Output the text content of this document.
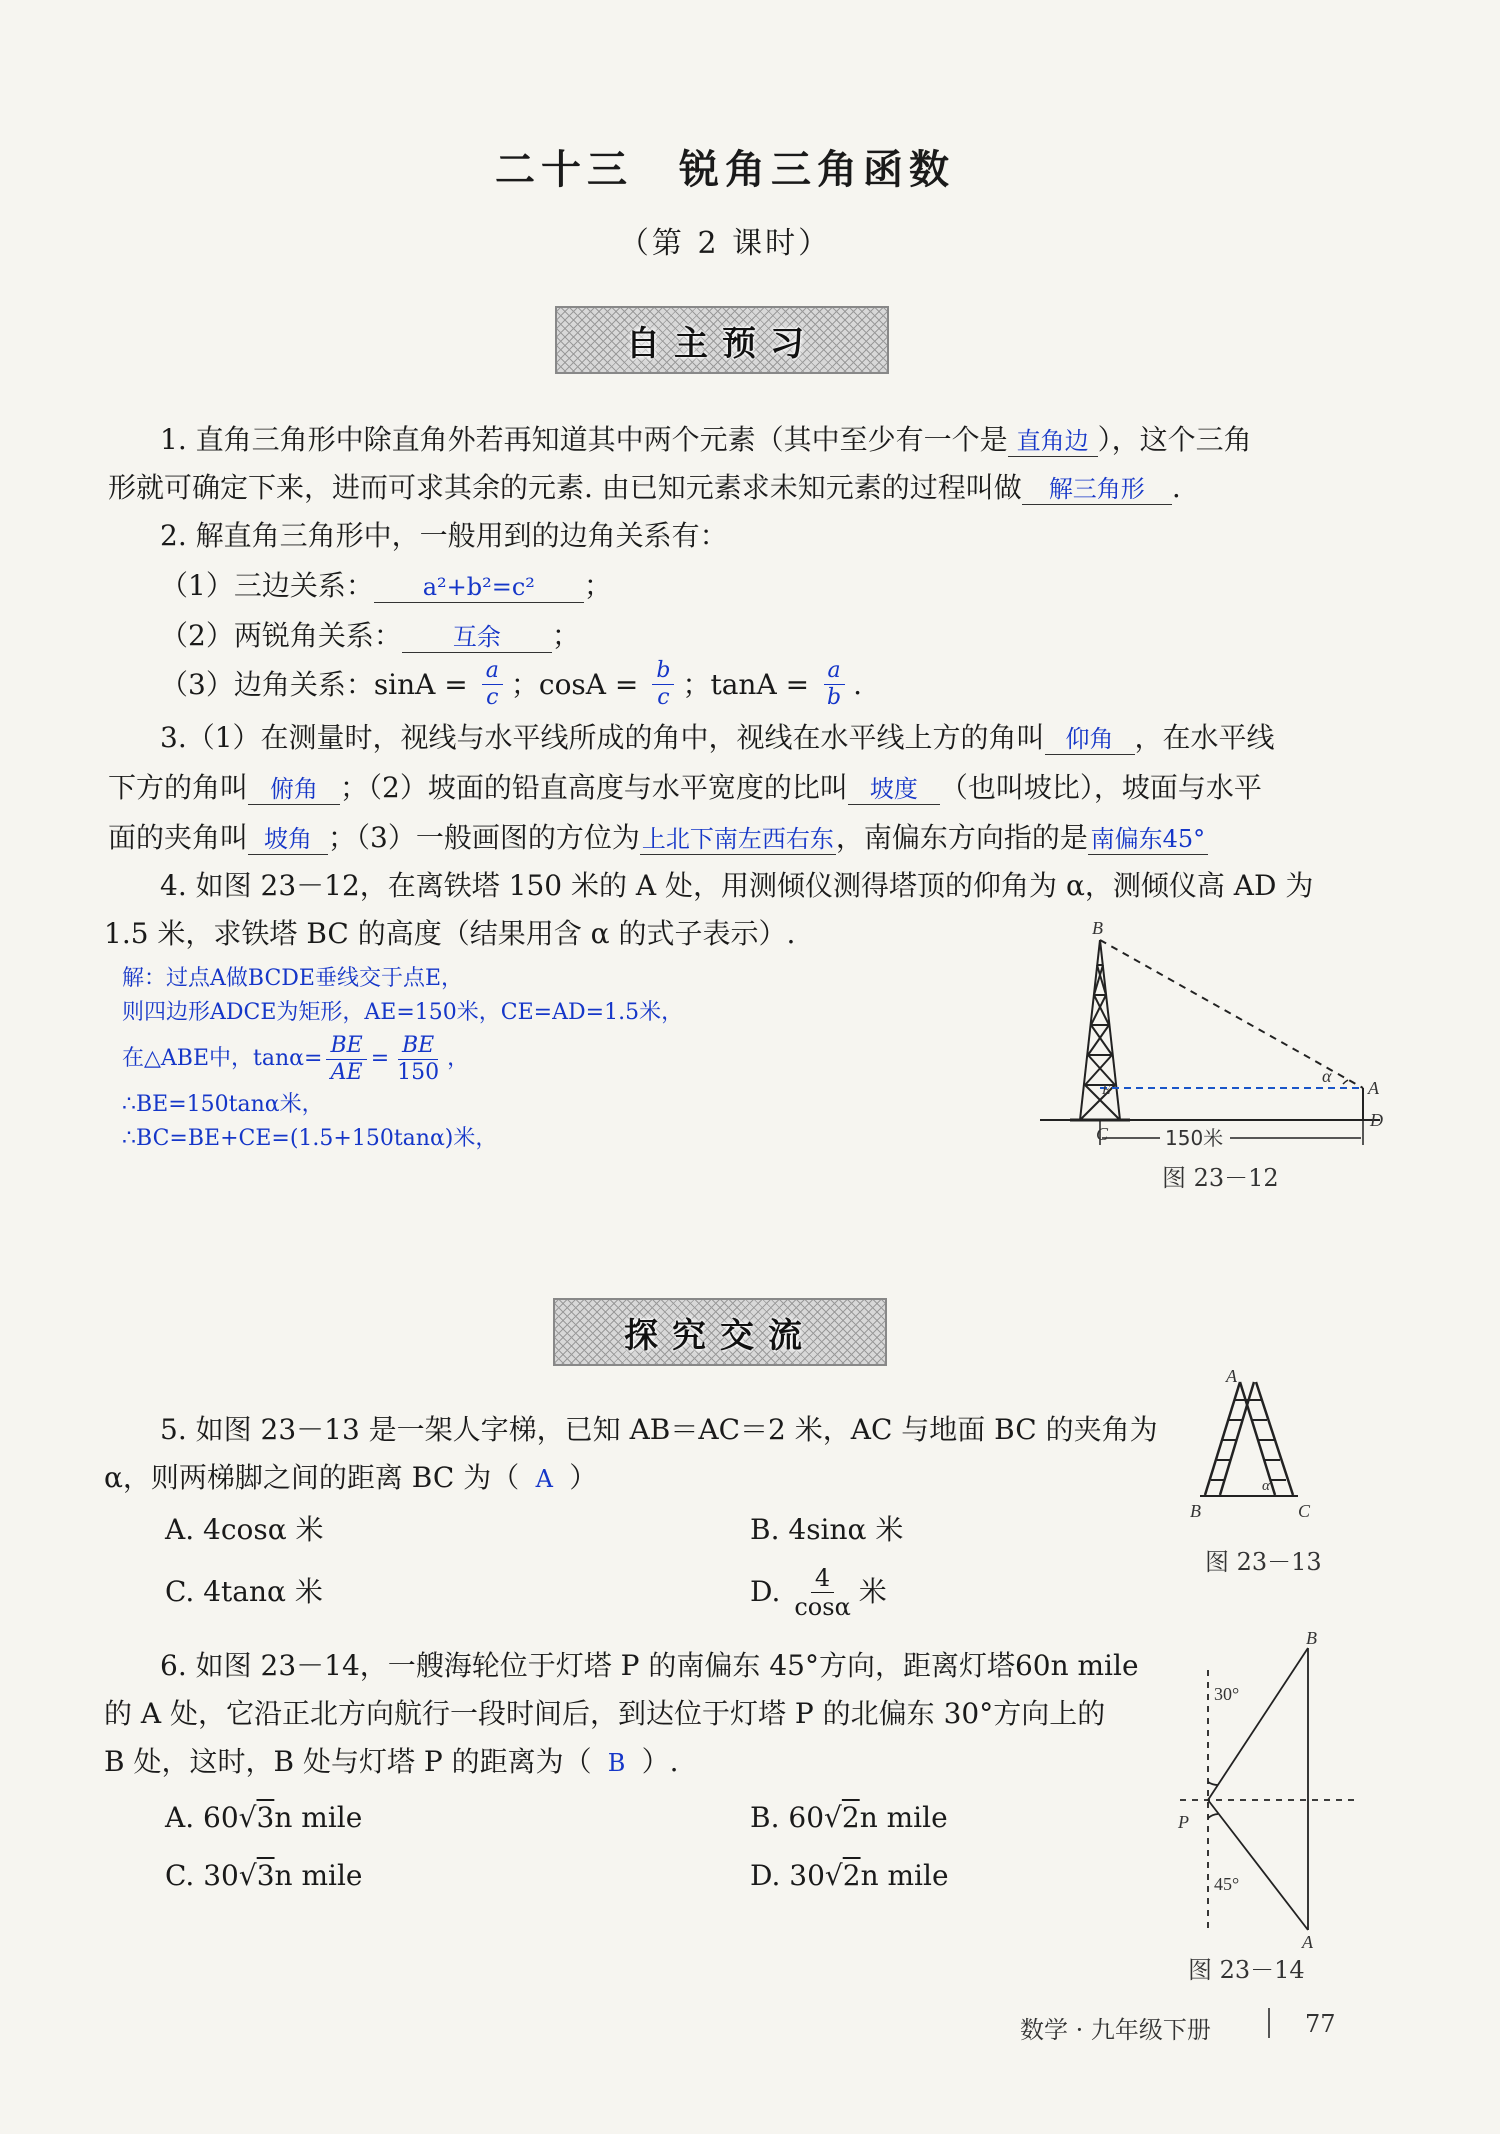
二十三　锐角三角函数
（第 2 课时）
自主预习
1. 直角三角形中除直角外若再知道其中两个元素（其中至少有一个是 直角边 ），这个三角
形就可确定下来，进而可求其余的元素. 由已知元素求未知元素的过程叫做 解三角形 .
2. 解直角三角形中，一般用到的边角关系有：
（1）三边关系： a²+b²=c² ；
（2）两锐角关系： 互余 ；
（3）边角关系：$\sin A = \frac{a}{c}$ ；$\cos A = \frac{b}{c}$ ；$\tan A = \frac{a}{b}$ .
3.（1）在测量时，视线与水平线所成的角中，视线在水平线上方的角叫 仰角 ，在水平线
下方的角叫 俯角 ；（2）坡面的铅直高度与水平宽度的比叫 坡度 （也叫坡比），坡面与水平
面的夹角叫 坡角 ；（3）一般画图的方位为上北下南左西右东，南偏东方向指的是 南偏东45°
4. 如图 23－12，在离铁塔 150 米的 A 处，用测倾仪测得塔顶的仰角为 α，测倾仪高 AD 为
1.5 米，求铁塔 BC 的高度（结果用含 α 的式子表示）.
解：过点A做BCDE垂线交于点E，
则四边形ADCE为矩形，AE=150米，CE=AD=1.5米，
在△ABE中，$\tan\alpha= \frac{BE}{AE} = \frac{BE}{150}$ ，
∴BE=150tanα米，
∴BC=BE+CE=(1.5+150tanα)米，
B
A
E
C
D
α
150米
图 23－12
探究交流
5. 如图 23－13 是一架人字梯，已知 AB＝AC＝2 米，AC 与地面 BC 的夹角为
α，则两梯脚之间的距离 BC 为（ A ）
A. 4cosα 米	B. 4sinα 米
C. 4tanα 米	D. $\frac{4}{\cos\alpha}$ 米
A
B	C
α
图 23－13
6. 如图 23－14，一艘海轮位于灯塔 P 的南偏东 45°方向，距离灯塔60n mile
的 A 处，它沿正北方向航行一段时间后，到达位于灯塔 P 的北偏东 30°方向上的
B 处，这时，B 处与灯塔 P 的距离为（ B ）.
A. 60√3n mile	B. 60√2n mile
C. 30√3n mile	D. 30√2n mile
B
P
A
30°
45°
图 23－14
数学 · 九年级下册	77
